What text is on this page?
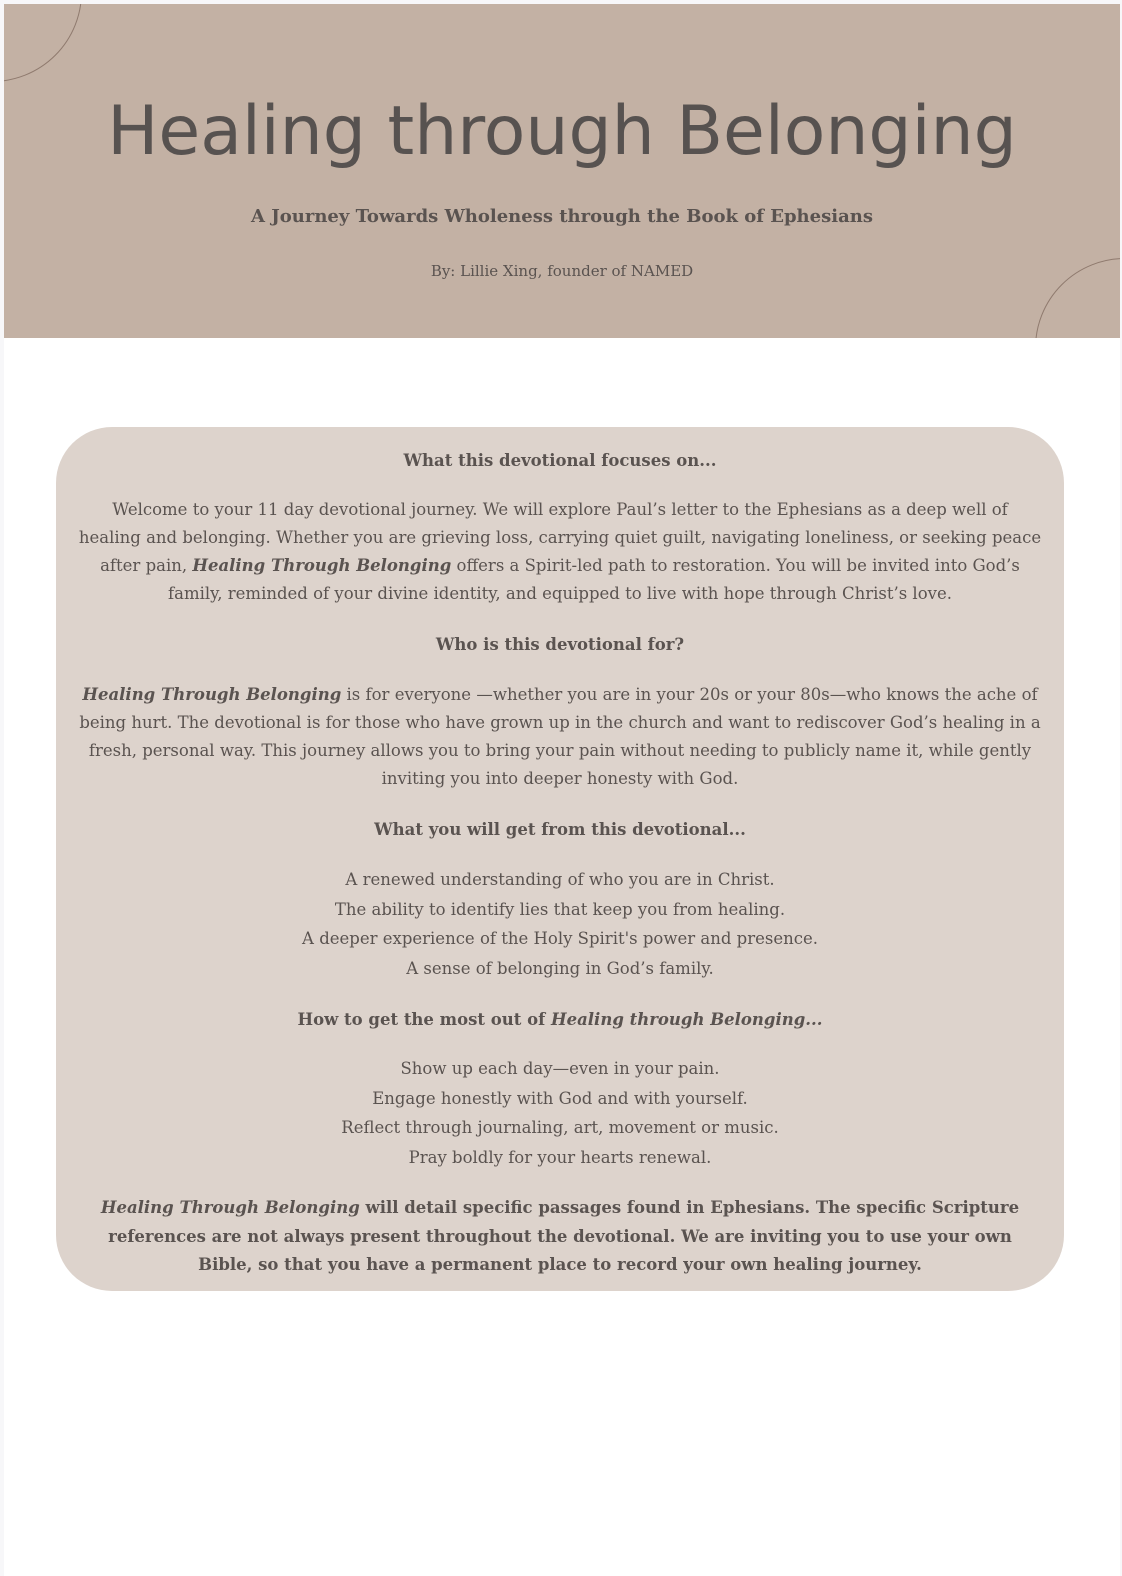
Healing through Belonging

A Journey Towards Wholeness through the Book of Ephesians

By: Lillie Xing, founder of NAMED

What this devotional focuses on...

Welcome to your 11 day devotional journey. We will explore Paul’s letter to the Ephesians as a deep well of
healing and belonging. Whether you are grieving loss, carrying quiet guilt, navigating loneliness, or seeking peace
after pain, Healing Through Belonging offers a Spirit-led path to restoration. You will be invited into God’s
family, reminded of your divine identity, and equipped to live with hope through Christ’s love.

Who is this devotional for?

Healing Through Belonging is for everyone —whether you are in your 20s or your 80s—who knows the ache of
being hurt. The devotional is for those who have grown up in the church and want to rediscover God’s healing in a
fresh, personal way. This journey allows you to bring your pain without needing to publicly name it, while gently
inviting you into deeper honesty with God.

What you will get from this devotional...
A renewed understanding of who you are in Christ.
The ability to identify lies that keep you from healing.
A deeper experience of the Holy Spirit's power and presence.
A sense of belonging in God’s family.
How to get the most out of Healing through Belonging...
Show up each day—even in your pain.
Engage honestly with God and with yourself.
Reflect through journaling, art, movement or music.
Pray boldly for your hearts renewal.

Healing Through Belonging will detail specific passages found in Ephesians. The specific Scripture
references are not always present throughout the devotional. We are inviting you to use your own
Bible, so that you have a permanent place to record your own healing journey.
